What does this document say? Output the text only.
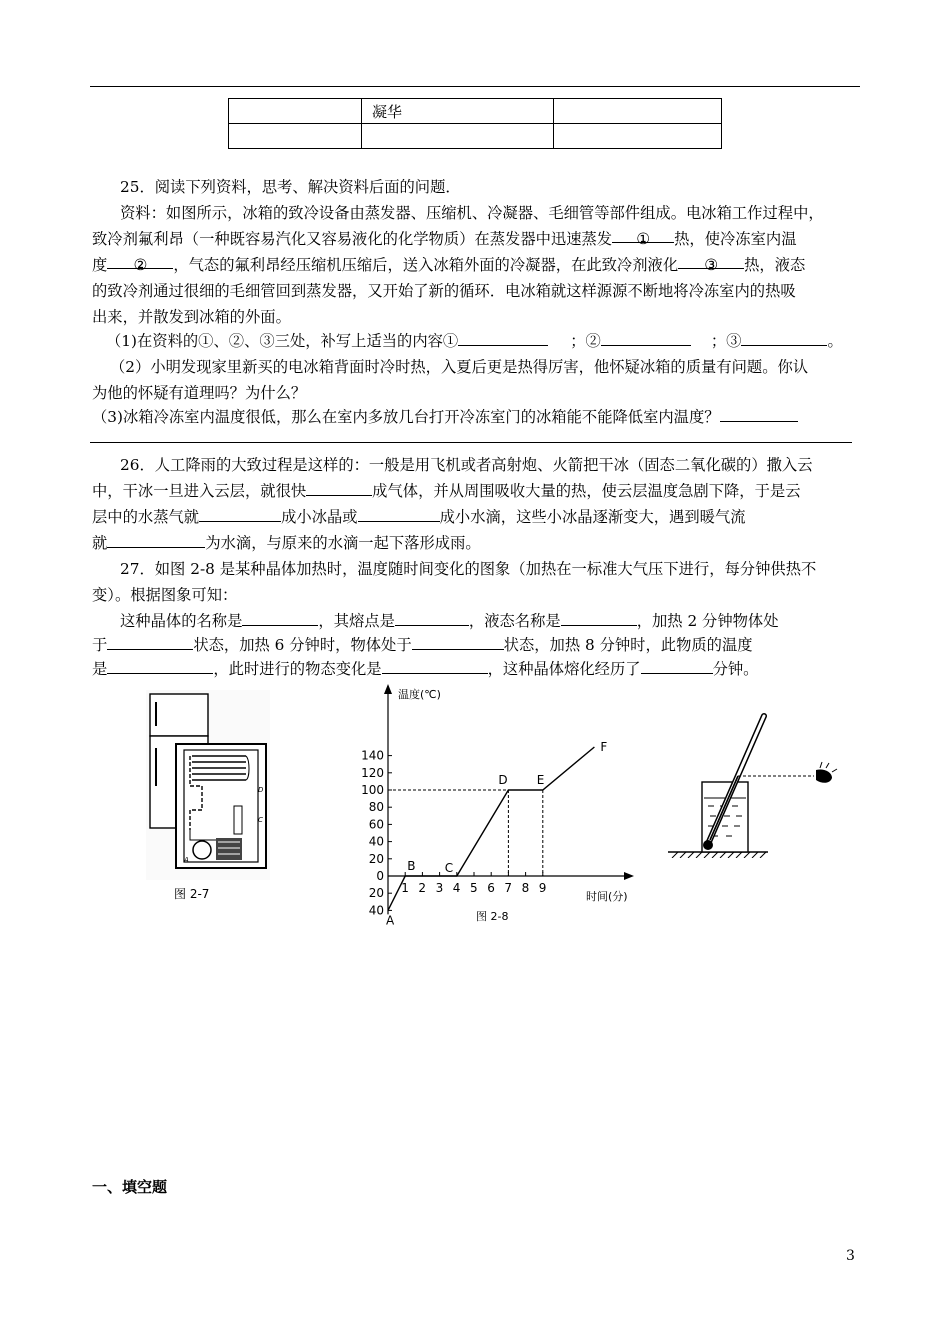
	凝华	

25．阅读下列资料，思考、解决资料后面的问题．
资料：如图所示，冰箱的致冷设备由蒸发器、压缩机、冷凝器、毛细管等部件组成。电冰箱工作过程中，
致冷剂氟利昂（一种既容易汽化又容易液化的化学物质）在蒸发器中迅速蒸发 ① 热，使冷冻室内温
度 ② ，气态的氟利昂经压缩机压缩后，送入冰箱外面的冷凝器，在此致冷剂液化 ③ 热，液态
的致冷剂通过很细的毛细管回到蒸发器，又开始了新的循环．电冰箱就这样源源不断地将冷冻室内的热吸
出来，并散发到冰箱的外面。
（1)在资料的①、②、③三处，补写上适当的内容①	；②	；③	。
（2）小明发现家里新买的电冰箱背面时冷时热，入夏后更是热得厉害，他怀疑冰箱的质量有问题。你认
为他的怀疑有道理吗？为什么？
（3)冰箱冷冻室内温度很低，那么在室内多放几台打开冷冻室门的冰箱能不能降低室内温度？
26．人工降雨的大致过程是这样的：一般是用飞机或者高射炮、火箭把干冰（固态二氧化碳的）撒入云
中，干冰一旦进入云层，就很快	成气体，并从周围吸收大量的热，使云层温度急剧下降，于是云
层中的水蒸气就	成小冰晶或	成小水滴，这些小冰晶逐渐变大，遇到暖气流
就	为水滴，与原来的水滴一起下落形成雨。
27．如图 2-8 是某种晶体加热时，温度随时间变化的图象（加热在一标准大气压下进行，每分钟供热不
变）。根据图象可知：
这种晶体的名称是	，其熔点是	，液态名称是	，加热 2 分钟物体处
于	状态，加热 6 分钟时，物体处于	状态，加热 8 分钟时，此物质的温度
是	，此时进行的物态变化是	，这种晶体熔化经历了	分钟。
D
C
A
图 2-7
温度(℃)
时间(分)
图 2-8
1 2 3 4 5 6 7 8 9
140
120
100
80
60
40
20
0
20
40
A
B C
D E
F
一、填空题
3
